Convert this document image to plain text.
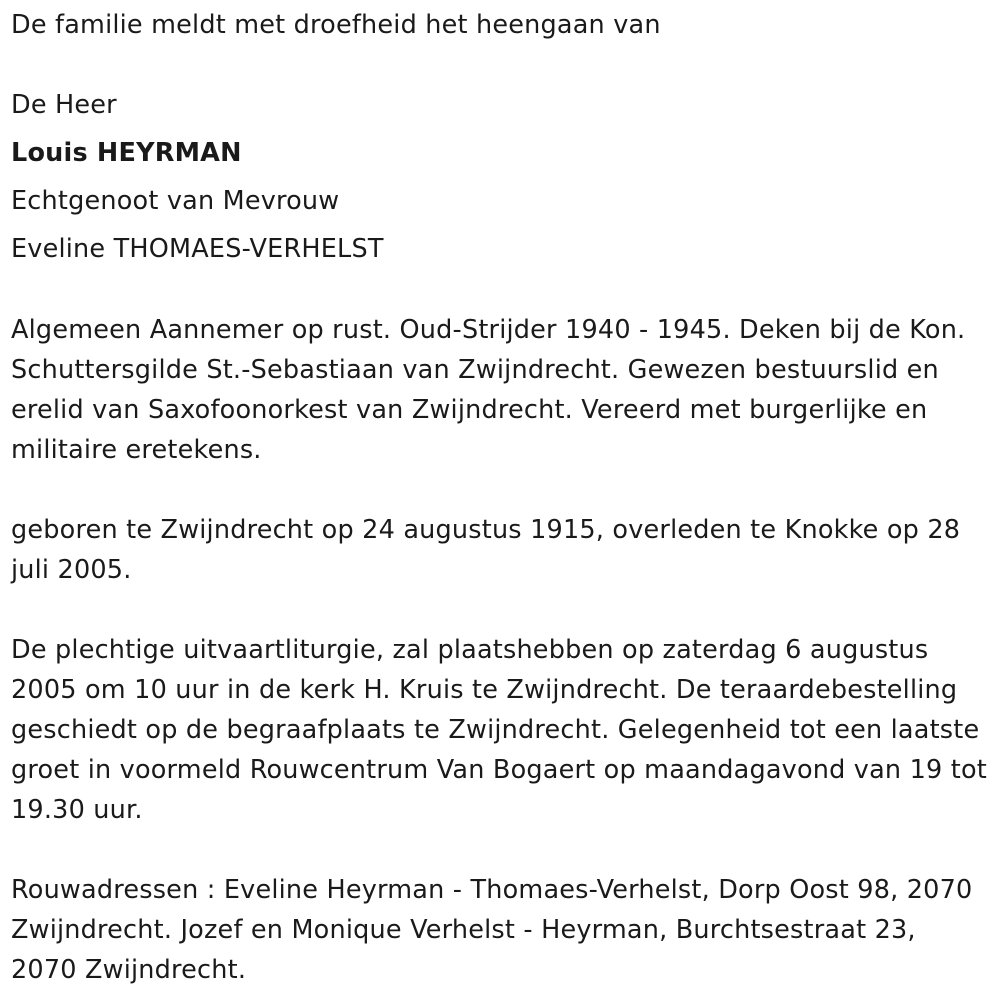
De familie meldt met droefheid het heengaan van
De Heer
Louis HEYRMAN
Echtgenoot van Mevrouw
Eveline THOMAES-VERHELST
Algemeen Aannemer op rust. Oud-Strijder 1940 - 1945. Deken bij de Kon. Schuttersgilde St.-Sebastiaan van Zwijndrecht. Gewezen bestuurslid en erelid van Saxofoonorkest van Zwijndrecht. Vereerd met burgerlijke en militaire eretekens.
geboren te Zwijndrecht op 24 augustus 1915, overleden te Knokke op 28 juli 2005.
De plechtige uitvaartliturgie, zal plaatshebben op zaterdag 6 augustus 2005 om 10 uur in de kerk H. Kruis te Zwijndrecht. De teraardebestelling geschiedt op de begraafplaats te Zwijndrecht. Gelegenheid tot een laatste groet in voormeld Rouwcentrum Van Bogaert op maandagavond van 19 tot 19.30 uur.
Rouwadressen : Eveline Heyrman - Thomaes-Verhelst, Dorp Oost 98, 2070 Zwijndrecht. Jozef en Monique Verhelst - Heyrman, Burchtsestraat 23, 2070 Zwijndrecht.
